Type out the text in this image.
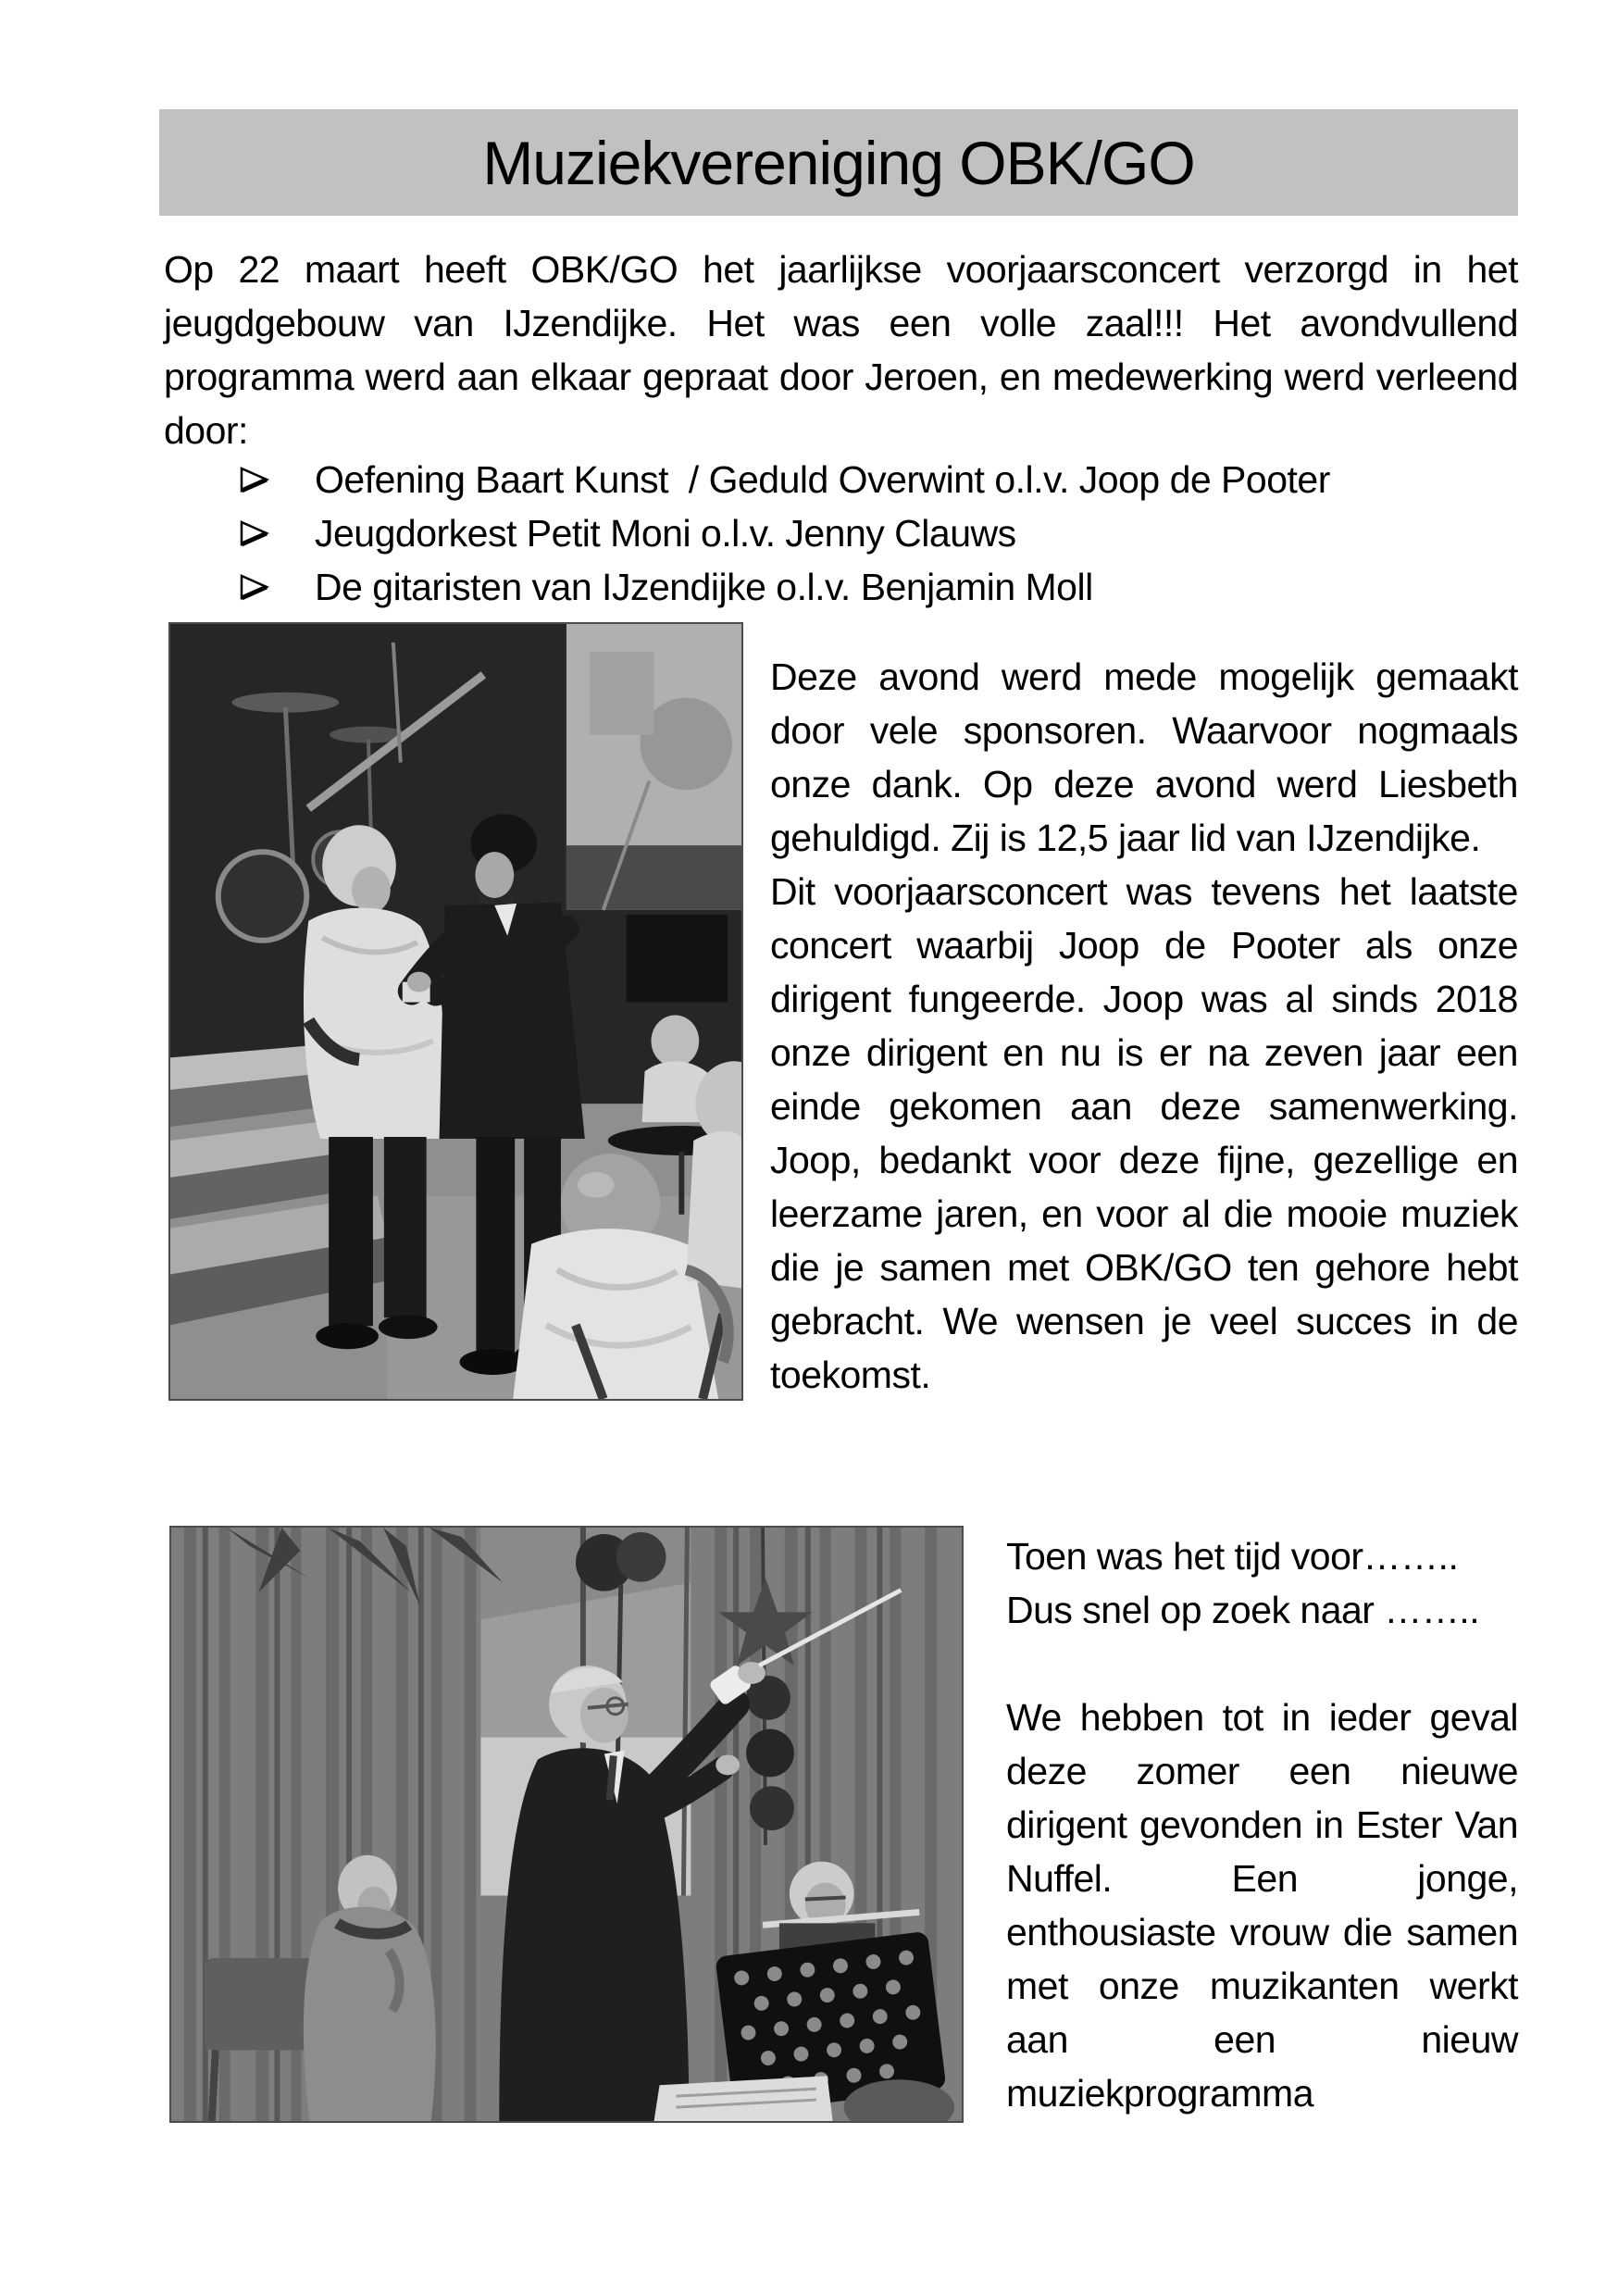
Muziekvereniging OBK/GO

Op 22 maart heeft OBK/GO het jaarlijkse voorjaarsconcert verzorgd in het jeugdgebouw van IJzendijke. Het was een volle zaal!!! Het avondvullend programma werd aan elkaar gepraat door Jeroen, en medewerking werd verleend door:

Oefening Baart Kunst  / Geduld Overwint o.l.v. Joop de Pooter
Jeugdorkest Petit Moni o.l.v. Jenny Clauws
De gitaristen van IJzendijke o.l.v. Benjamin Moll

Deze avond werd mede mogelijk gemaakt door vele sponsoren. Waarvoor nogmaals onze dank. Op deze avond werd Liesbeth gehuldigd. Zij is 12,5 jaar lid van IJzendijke.

Dit voorjaarsconcert was tevens het laatste concert waarbij Joop de Pooter als onze dirigent fungeerde. Joop was al sinds 2018 onze dirigent en nu is er na zeven jaar een einde gekomen aan deze samenwerking. Joop, bedankt voor deze fijne, gezellige en leerzame jaren, en voor al die mooie muziek die je samen met OBK/GO ten gehore hebt gebracht. We wensen je veel succes in de toekomst.

Toen was het tijd voor……..

Dus snel op zoek naar ……..

We hebben tot in ieder geval deze zomer een nieuwe dirigent gevonden in Ester Van Nuffel. Een jonge, enthousiaste vrouw die samen met onze muzikanten werkt aan een nieuw muziekprogramma
